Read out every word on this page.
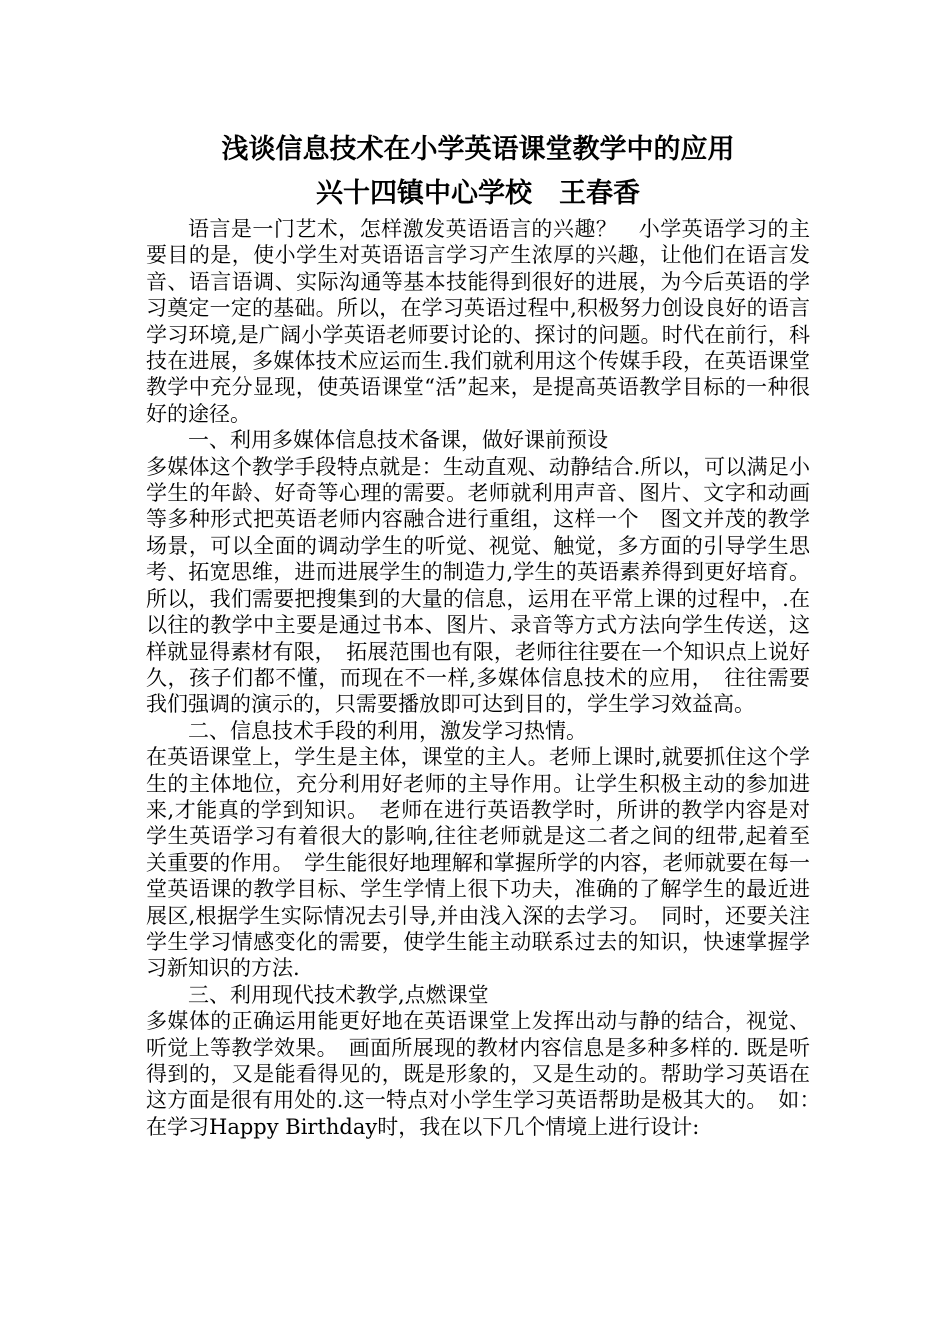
浅谈信息技术在小学英语课堂教学中的应用
兴十四镇中心学校　王春香

语言是一门艺术，怎样激发英语语言的兴趣？　小学英语学习的主要目的是，使小学生对英语语言学习产生浓厚的兴趣，让他们在语言发音、语言语调、实际沟通等基本技能得到很好的进展，为今后英语的学习奠定一定的基础。所以，在学习英语过程中,积极努力创设良好的语言学习环境,是广阔小学英语老师要讨论的、探讨的问题。时代在前行，科技在进展，多媒体技术应运而生.我们就利用这个传媒手段，在英语课堂教学中充分显现，使英语课堂“活”起来，是提高英语教学目标的一种很好的途径。

一、利用多媒体信息技术备课，做好课前预设

多媒体这个教学手段特点就是：生动直观、动静结合.所以，可以满足小学生的年龄、好奇等心理的需要。老师就利用声音、图片、文字和动画等多种形式把英语老师内容融合进行重组，这样一个　图文并茂的教学场景，可以全面的调动学生的听觉、视觉、触觉，多方面的引导学生思考、拓宽思维，进而进展学生的制造力,学生的英语素养得到更好培育。所以，我们需要把搜集到的大量的信息，运用在平常上课的过程中，.在以往的教学中主要是通过书本、图片、录音等方式方法向学生传送，这样就显得素材有限，　拓展范围也有限，老师往往要在一个知识点上说好久，孩子们都不懂，而现在不一样,多媒体信息技术的应用，　往往需要我们强调的演示的，只需要播放即可达到目的，学生学习效益高。

二、信息技术手段的利用，激发学习热情。

在英语课堂上，学生是主体，课堂的主人。老师上课时,就要抓住这个学生的主体地位，充分利用好老师的主导作用。让学生积极主动的参加进来,才能真的学到知识。　老师在进行英语教学时，所讲的教学内容是对学生英语学习有着很大的影响,往往老师就是这二者之间的纽带,起着至关重要的作用。　学生能很好地理解和掌握所学的内容，老师就要在每一堂英语课的教学目标、学生学情上很下功夫，准确的了解学生的最近进展区,根据学生实际情况去引导,并由浅入深的去学习。　同时，还要关注学生学习情感变化的需要，使学生能主动联系过去的知识，快速掌握学习新知识的方法.

三、利用现代技术教学,点燃课堂

多媒体的正确运用能更好地在英语课堂上发挥出动与静的结合，视觉、听觉上等教学效果。　画面所展现的教材内容信息是多种多样的. 既是听得到的，又是能看得见的，既是形象的，又是生动的。帮助学习英语在这方面是很有用处的.这一特点对小学生学习英语帮助是极其大的。　如：　在学习Happy Birthday时，我在以下几个情境上进行设计:
